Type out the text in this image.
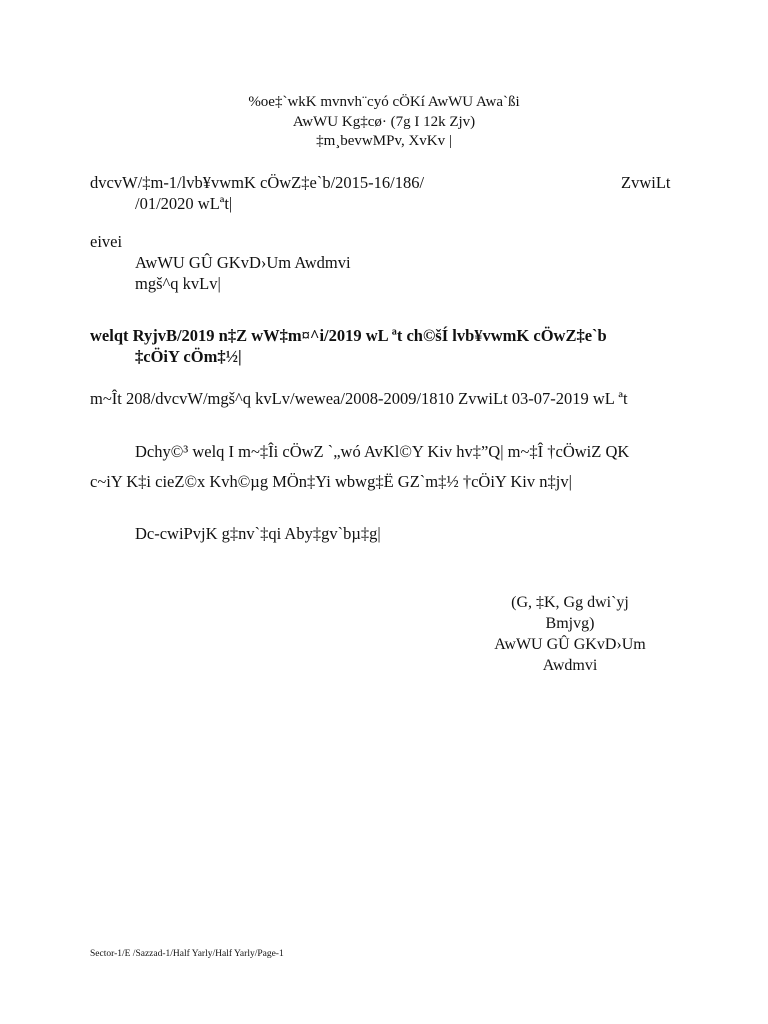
%oe‡`wkK mvnvh¨cyó cÖKí AwWU Awa`ßi
AwWU Kg‡cø· (7g I 12k Zjv)
‡m¸bevwMPv, XvKv |
dvcvW/‡m-1/lvb¥vwmK cÖwZ‡e`b/2015-16/186/	ZvwiLt
/01/2020 wLªt|
eivei
AwWU GÛ GKvD›Um Awdmvi
mgš^q kvLv|
welqt RyjvB/2019 n‡Z wW‡m¤^i/2019 wL ªt ch©šÍ lvb¥vwmK cÖwZ‡e`b
‡cÖiY cÖm‡½|
m~Ît 208/dvcvW/mgš^q kvLv/wewea/2008-2009/1810 ZvwiLt 03-07-2019 wL ªt
Dchy©³ welq I m~‡Îi cÖwZ `„wó AvKl©Y Kiv hv‡”Q| m~‡Î †cÖwiZ QK
c~iY K‡i cieZ©x Kvh©µg MÖn‡Yi wbwg‡Ë GZ`m‡½ †cÖiY Kiv n‡jv|
Dc-cwiPvjK g‡nv`‡qi Aby‡gv`bµ‡g|
(G, ‡K, Gg dwi`yj
Bmjvg)
AwWU GÛ GKvD›Um
Awdmvi
Sector-1/E /Sazzad-1/Half Yarly/Half Yarly/Page-1
